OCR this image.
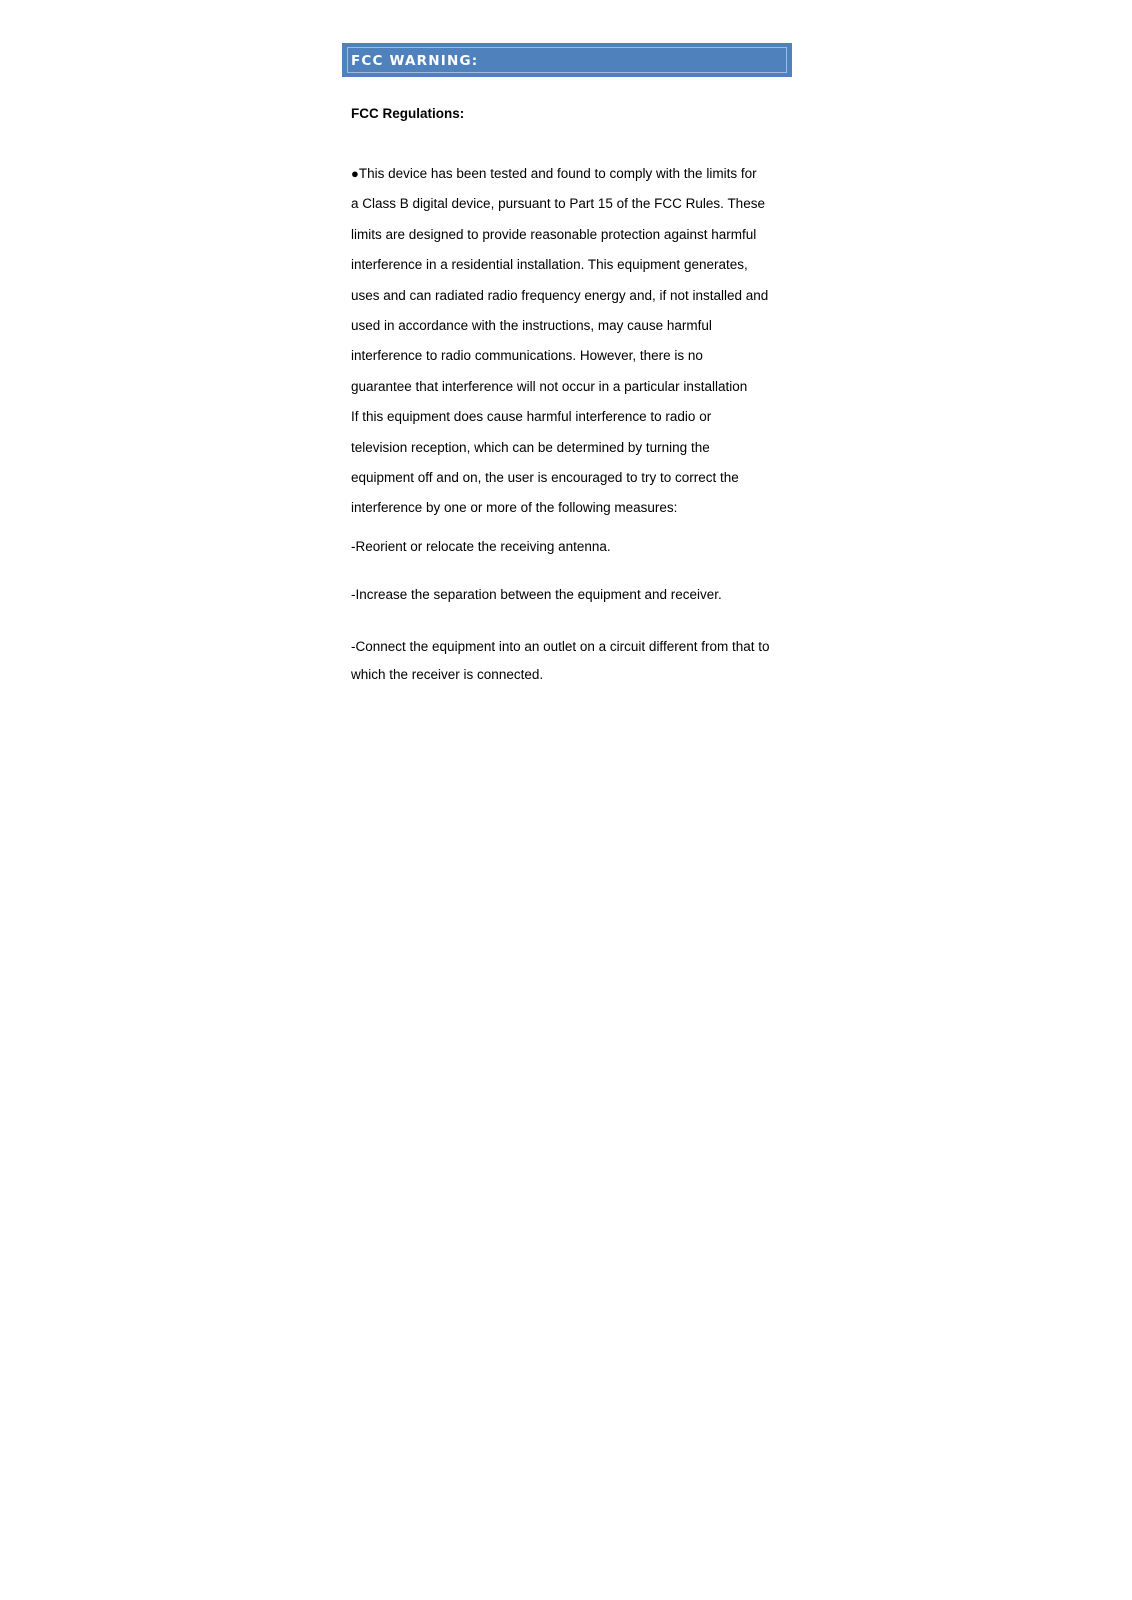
FCC WARNING:
FCC Regulations:
●This device has been tested and found to comply with the limits for
a Class B digital device, pursuant to Part 15 of the FCC Rules. These
limits are designed to provide reasonable protection against harmful
interference in a residential installation. This equipment generates,
uses and can radiated radio frequency energy and, if not installed and
used in accordance with the instructions, may cause harmful
interference to radio communications. However, there is no
guarantee that interference will not occur in a particular installation
If this equipment does cause harmful interference to radio or
television reception, which can be determined by turning the
equipment off and on, the user is encouraged to try to correct the
interference by one or more of the following measures:
-Reorient or relocate the receiving antenna.
-Increase the separation between the equipment and receiver.
-Connect the equipment into an outlet on a circuit different from that to which the receiver is connected.
